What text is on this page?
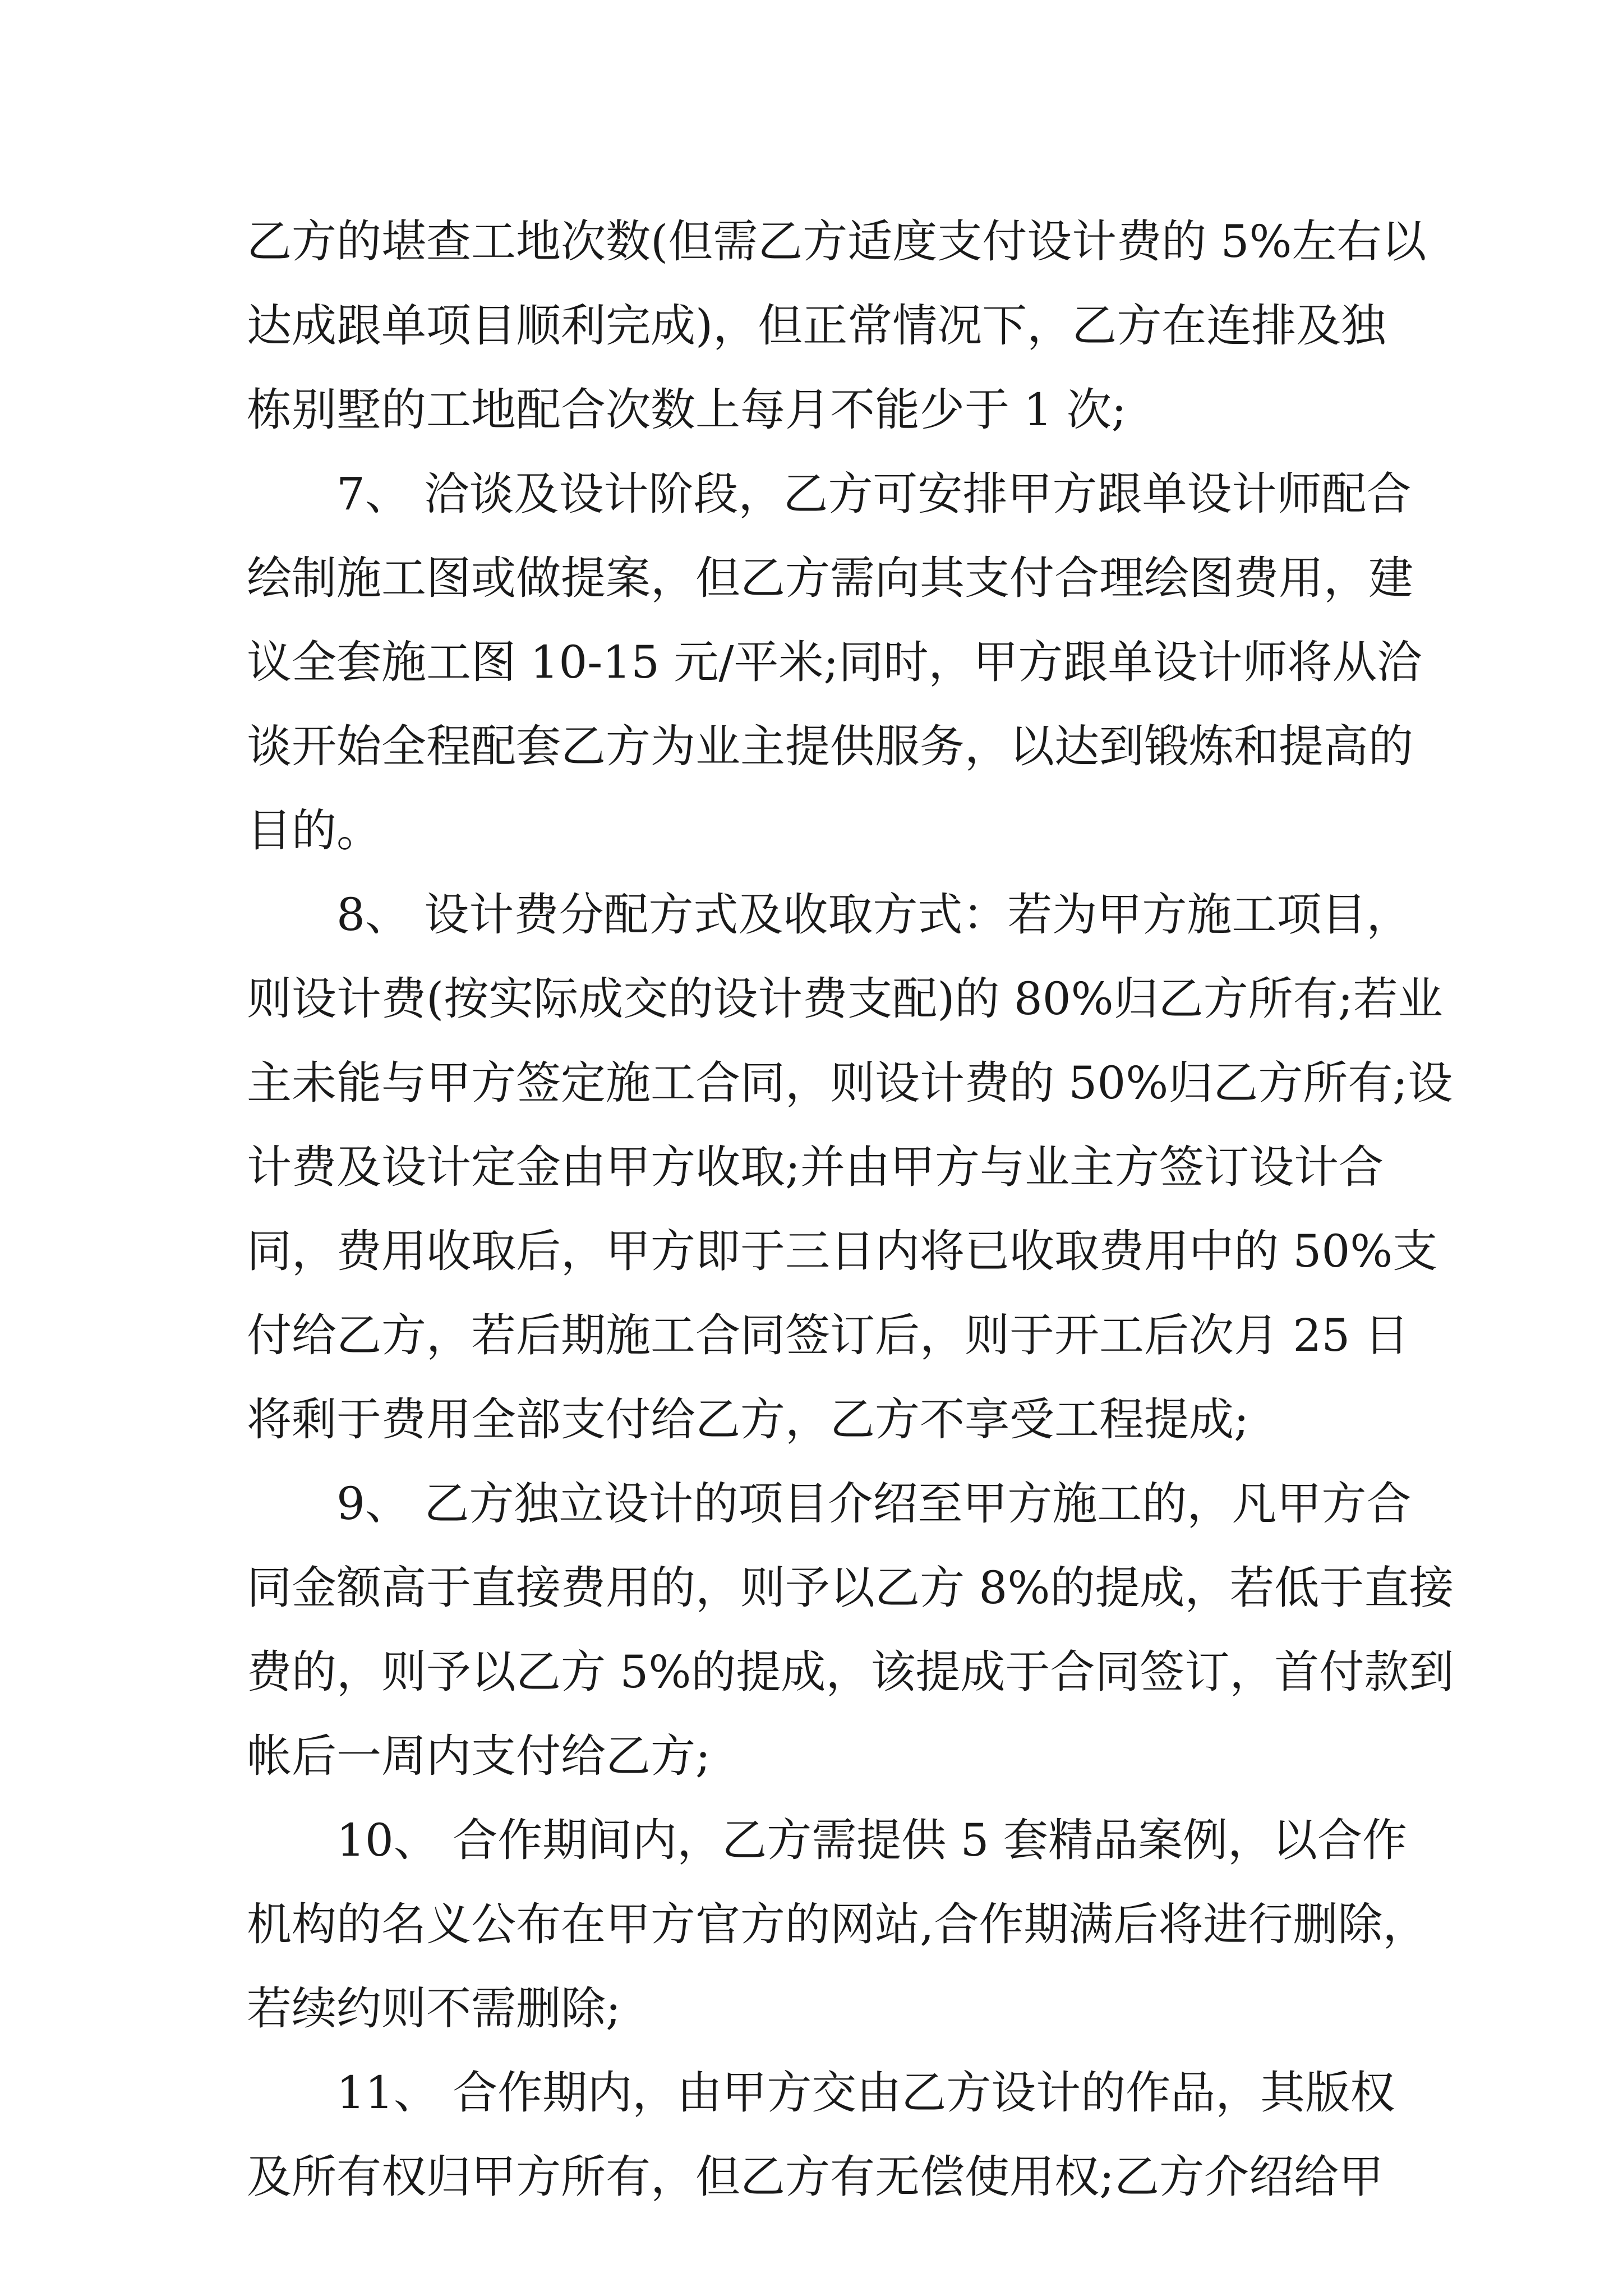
乙方的堪查工地次数(但需乙方适度支付设计费的 5%左右以
达成跟单项目顺利完成)，但正常情况下，乙方在连排及独
栋别墅的工地配合次数上每月不能少于 1 次;
7、 洽谈及设计阶段，乙方可安排甲方跟单设计师配合
绘制施工图或做提案，但乙方需向其支付合理绘图费用，建
议全套施工图 10-15 元/平米;同时，甲方跟单设计师将从洽
谈开始全程配套乙方为业主提供服务，以达到锻炼和提高的
目的。
8、 设计费分配方式及收取方式：若为甲方施工项目，
则设计费(按实际成交的设计费支配)的 80%归乙方所有;若业
主未能与甲方签定施工合同，则设计费的 50%归乙方所有;设
计费及设计定金由甲方收取;并由甲方与业主方签订设计合
同，费用收取后，甲方即于三日内将已收取费用中的 50%支
付给乙方，若后期施工合同签订后，则于开工后次月 25 日
将剩于费用全部支付给乙方，乙方不享受工程提成;
9、 乙方独立设计的项目介绍至甲方施工的，凡甲方合
同金额高于直接费用的，则予以乙方 8%的提成，若低于直接
费的，则予以乙方 5%的提成，该提成于合同签订，首付款到
帐后一周内支付给乙方;
10、 合作期间内，乙方需提供 5 套精品案例，以合作
机构的名义公布在甲方官方的网站,合作期满后将进行删除，
若续约则不需删除;
11、 合作期内，由甲方交由乙方设计的作品，其版权
及所有权归甲方所有，但乙方有无偿使用权;乙方介绍给甲
